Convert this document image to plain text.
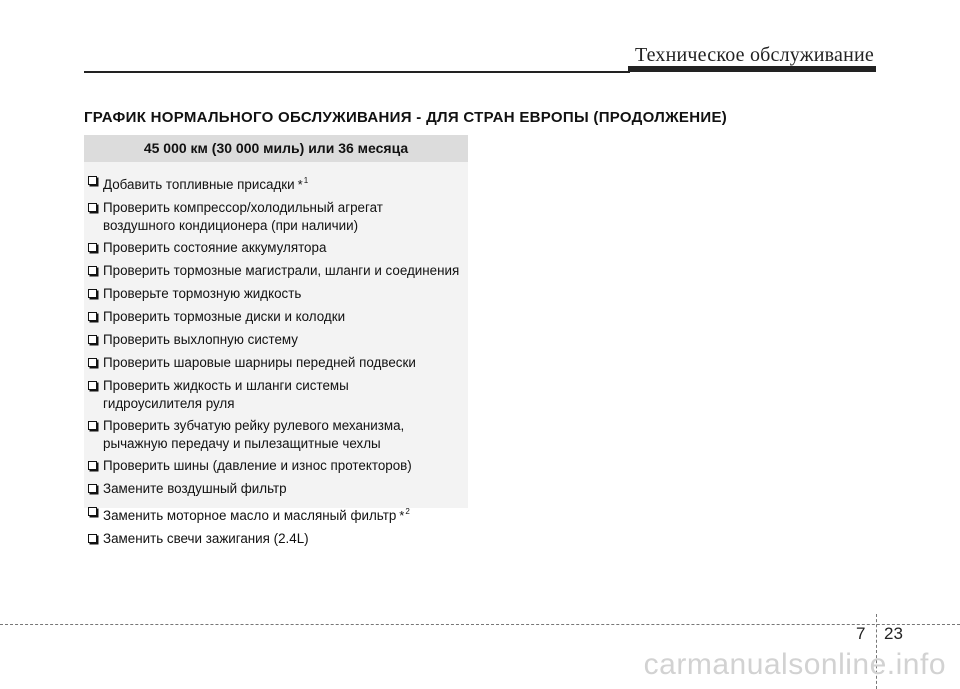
Техническое обслуживание
ГРАФИК НОРМАЛЬНОГО ОБСЛУЖИВАНИЯ - ДЛЯ СТРАН ЕВРОПЫ (ПРОДОЛЖЕНИЕ)
45 000 км (30 000 миль) или 36 месяца
Добавить топливные присадки *$^1$
Проверить компрессор/холодильный агрегат
воздушного кондиционера (при наличии)
Проверить состояние аккумулятора
Проверить тормозные магистрали, шланги и соединения
Проверьте тормозную жидкость
Проверить тормозные диски и колодки
Проверить выхлопную систему
Проверить шаровые шарниры передней подвески
Проверить жидкость и шланги системы
гидроусилителя руля
Проверить зубчатую рейку рулевого механизма,
рычажную передачу и пылезащитные чехлы
Проверить шины (давление и износ протекторов)
Замените воздушный фильтр
Заменить моторное масло и масляный фильтр *$^2$
Заменить свечи зажигания (2.4L)
7 23
carmanualsonline.info
